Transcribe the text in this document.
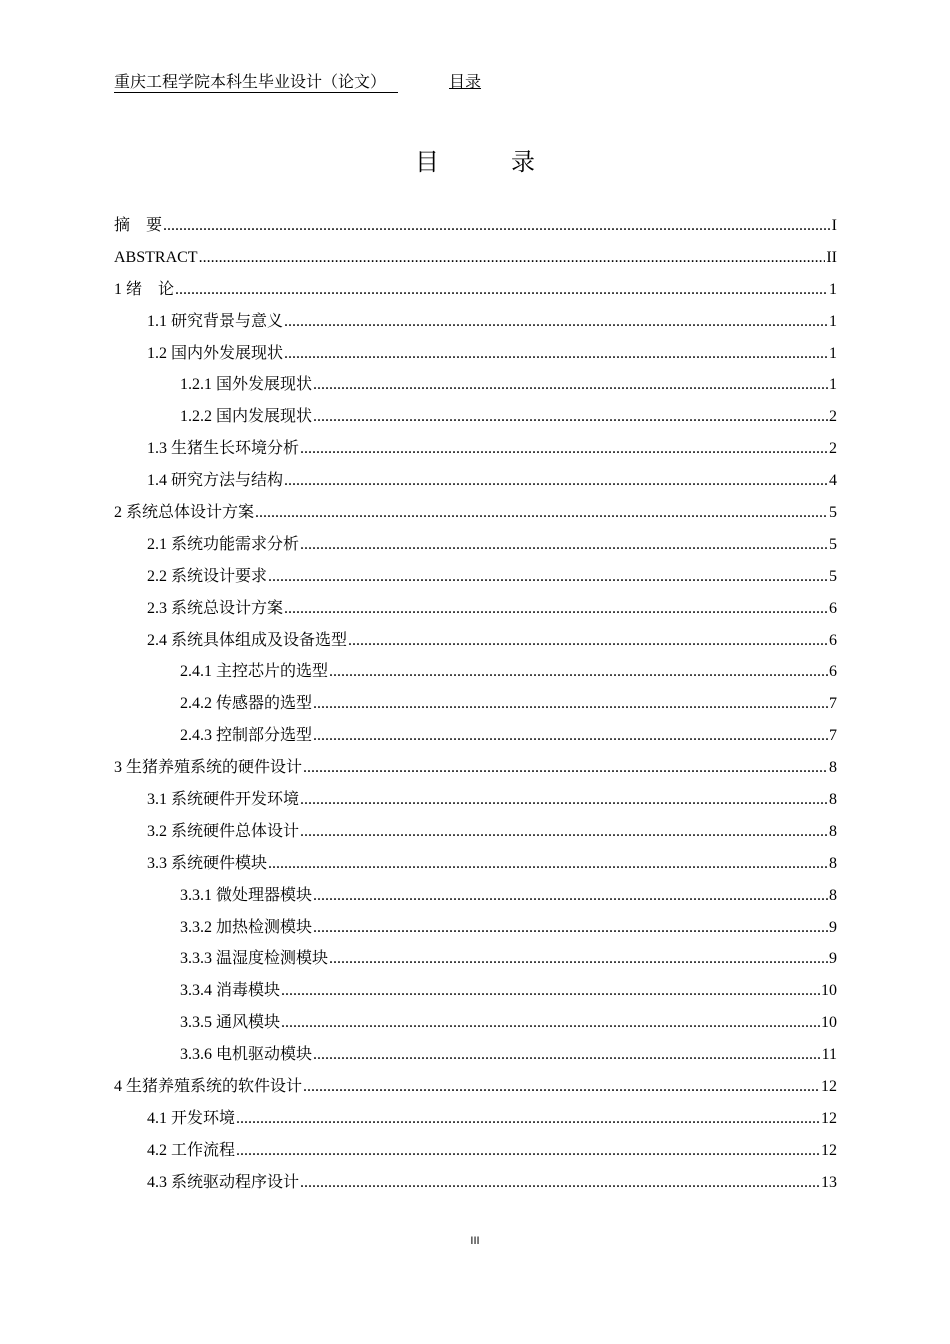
重庆工程学院本科生毕业设计（论文）	目录
目　录
摘　要 .....	I
ABSTRACT .....	II
1 绪　论 .....	1
1.1 研究背景与意义 .....	1
1.2 国内外发展现状 .....	1
1.2.1 国外发展现状 .....	1
1.2.2 国内发展现状 .....	2
1.3 生猪生长环境分析 .....	2
1.4 研究方法与结构 .....	4
2 系统总体设计方案 .....	5
2.1 系统功能需求分析 .....	5
2.2 系统设计要求 .....	5
2.3 系统总设计方案 .....	6
2.4 系统具体组成及设备选型 .....	6
2.4.1 主控芯片的选型 .....	6
2.4.2 传感器的选型 .....	7
2.4.3 控制部分选型 .....	7
3 生猪养殖系统的硬件设计 .....	8
3.1 系统硬件开发环境 .....	8
3.2 系统硬件总体设计 .....	8
3.3 系统硬件模块 .....	8
3.3.1 微处理器模块 .....	8
3.3.2 加热检测模块 .....	9
3.3.3 温湿度检测模块 .....	9
3.3.4 消毒模块 .....	10
3.3.5 通风模块 .....	10
3.3.6 电机驱动模块 .....	11
4 生猪养殖系统的软件设计 .....	12
4.1 开发环境 .....	12
4.2 工作流程 .....	12
4.3 系统驱动程序设计 .....	13
III
